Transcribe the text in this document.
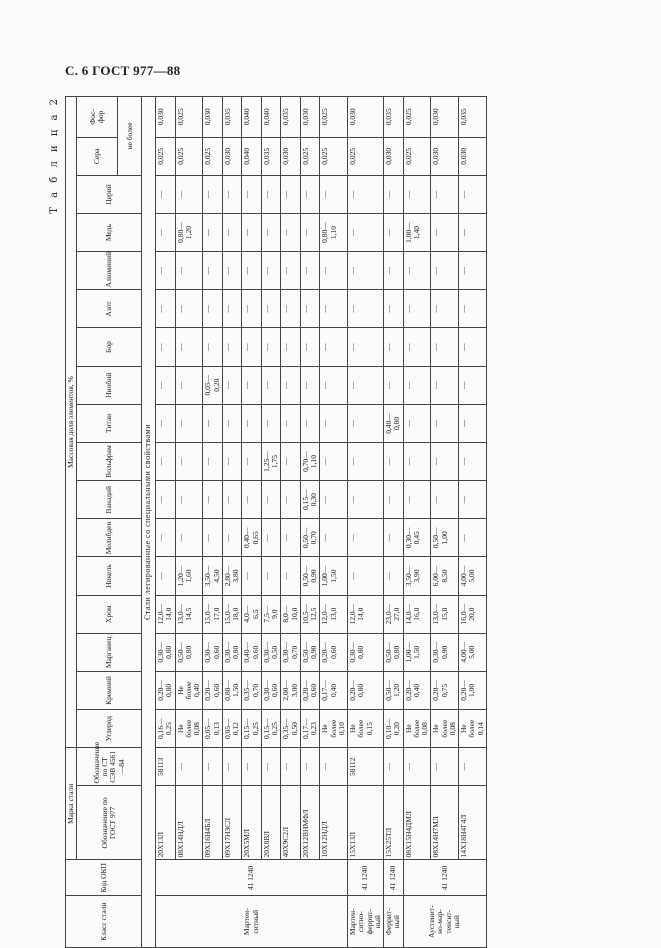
С. 6 ГОСТ 977—88
Т а б л и ц а 2
Класс стали	Код ОКП	Марка стали		Массовая доля элементов, %																
		Обозначение по ГОСТ 977	Обозначение по СТ СЭВ 4561—84	Углерод	Кремний	Марганец	Хром	Никель	Молибден	Ванадий	Вольфрам	Титан	Ниобий	Бор	Азот	Алюминий	Медь	Церий	Сера	Фос-
фор
																			не более	
Стали легированные со специальными свойствами																				
Мартен-
ситный	41 1240	20Х13Л	58113	0,16—
0,25	0,20—
0,80	0,30—
0,80	12,0—
14,0	—	—	—	—	—	—	—	—	—	—	—	0,025	0,030
		08Х14НДЛ	—	Не
более
0,08	Не
более
0,40	0,50—
0,80	13,0—
14,5	1,20—
1,60	—	—	—	—	—	—	—	—	0,80—
1,20	—	0,025	0,025
		09Х16Н4БЛ	—	0,05—
0,13	0,20—
0,60	0,30—
0,60	15,0—
17,0	3,50—
4,50	—	—	—	—	0,05—
0,20	—	—	—	—	—	0,025	0,030
		09Х17Н3СЛ	—	0,05—
0,12	0,80—
1,50	0,30—
0,80	15,0—
18,0	2,80—
3,80	—	—	—	—	—	—	—	—	—	—	0,030	0,035
		20Х5МЛ	—	0,15—
0,25	0,35—
0,70	0,40—
0,60	4,0—
6,5	—	0,40—
0,65	—	—	—	—	—	—	—	—	—	0,040	0,040
		20Х8ВЛ	—	0,15—
0,25	0,30—
0,60	0,30—
0,50	7,5—
9,0	—	—	—	1,25—
1,75	—	—	—	—	—	—	—	0,035	0,040
		40Х9С2Л	—	0,35—
0,50	2,00—
3,00	0,30—
0,70	8,0—
10,0	—	—	—	—	—	—	—	—	—	—	—	0,030	0,035
		20Х12ВНМФЛ	—	0,17—
0,23	0,20—
0,60	0,50—
0,90	10,5—
12,5	0,50—
0,90	0,50—
0,70	0,15—
0,30	0,70—
1,10	—	—	—	—	—	—	—	0,025	0,030
		10Х12НДЛ	—	Не
более
0,10	0,17—
0,40	0,20—
0,60	12,0—
13,0	1,00—
1,50	—	—	—	—	—	—	—	—	0,80—
1,10	—	0,025	0,025
Мартен-
ситно-
феррит-
ный	41 1240	15Х13Л	58112	Не
более
0,15	0,20—
0,80	0,30—
0,80	12,0—
14,0	—	—	—	—	—	—	—	—	—	—	—	0,025	0,030
Феррит-
ный	41 1240	15Х25ТЛ	—	0,10—
0,20	0,50—
1,20	0,50—
0,80	23,0—
27,0	—	—	—	—	0,40—
0,80	—	—	—	—	—	—	0,030	0,035
Аустенит-
но-мар-
тенсит-
ный	41 1240	08Х15Н4ДМЛ	—	Не
более
0,08	0,20—
0,40	1,00—
1,50	14,0—
16,0	3,50—
3,90	0,30—
0,45	—	—	—	—	—	—	—	1,00—
1,40	—	0,025	0,025
		08Х14Н7МЛ	—	Не
более
0,08	0,20—
0,75	0,30—
0,90	13,0—
15,0	6,00—
8,50	0,50—
1,00	—	—	—	—	—	—	—	—	—	0,030	0,030
		14Х18Н4Г4Л	—	Не
более
0,14	0,20—
1,00	4,00—
5,00	16,0—
20,0	4,00—
5,00	—	—	—	—	—	—	—	—	—	—	0,030	0,035
